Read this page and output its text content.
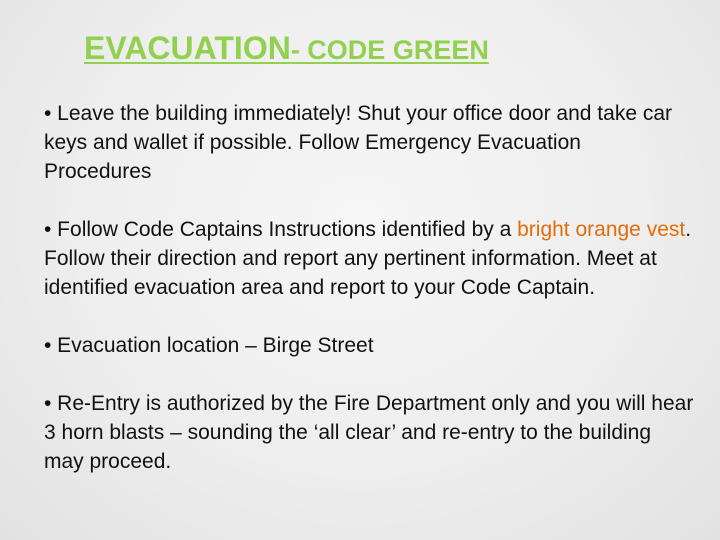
EVACUATION- CODE GREEN

• Leave the building immediately! Shut your office door and take car keys and wallet if possible. Follow Emergency Evacuation Procedures

• Follow Code Captains Instructions identified by a bright orange vest. Follow their direction and report any pertinent information. Meet at identified evacuation area and report to your Code Captain.

• Evacuation location – Birge Street

• Re-Entry is authorized by the Fire Department only and you will hear 3 horn blasts – sounding the ‘all clear’ and re-entry to the building may proceed.
